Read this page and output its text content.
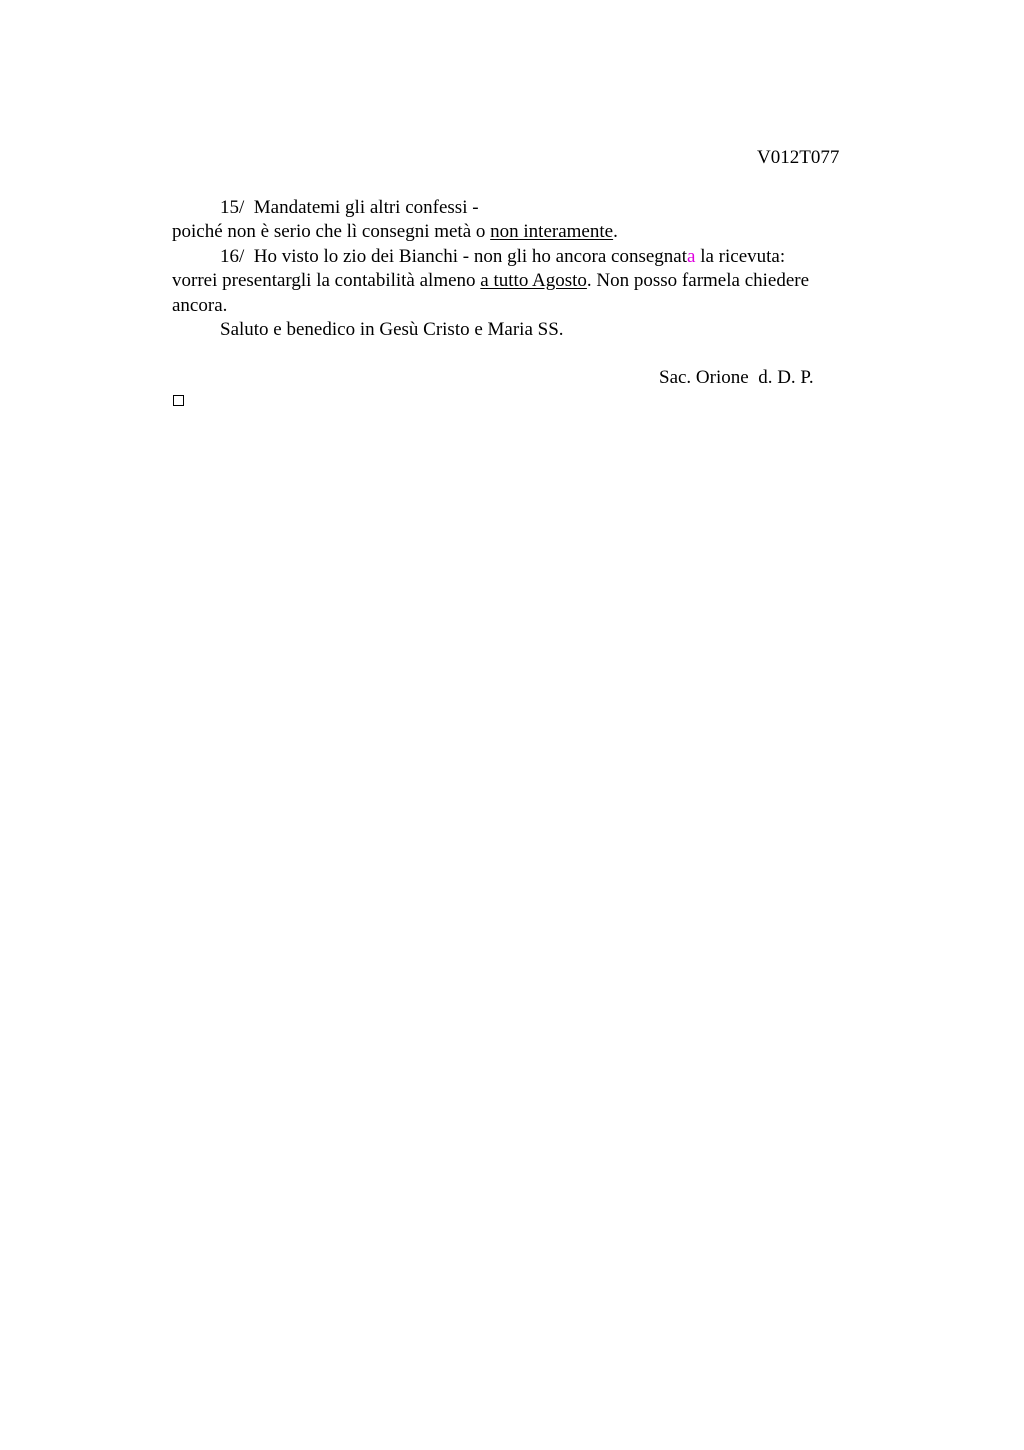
V012T077
15/ Mandatemi gli altri confessi -
poiché non è serio che lì consegni metà o non interamente.
16/ Ho visto lo zio dei Bianchi - non gli ho ancora consegnata la ricevuta:
vorrei presentargli la contabilità almeno a tutto Agosto. Non posso farmela chiedere
ancora.
Saluto e benedico in Gesù Cristo e Maria SS.
Sac. Orione  d. D. P.
